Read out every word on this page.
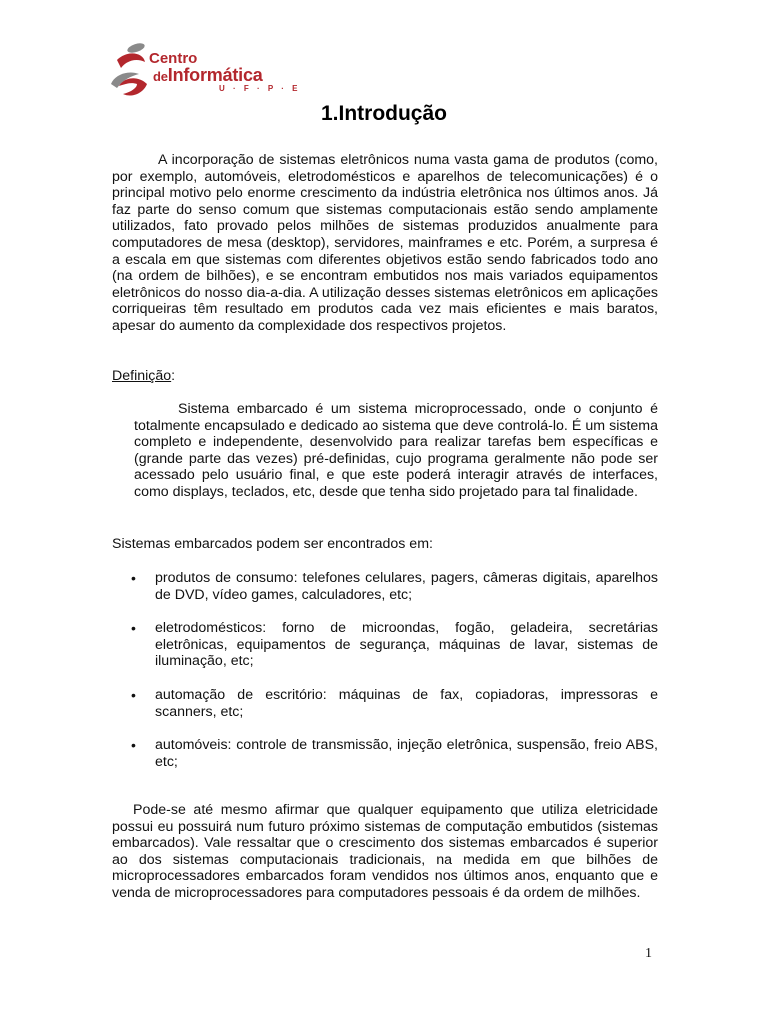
Centro
deInformática
U · F · P · E
1.Introdução

A incorporação de sistemas eletrônicos numa vasta gama de produtos (como, por exemplo, automóveis, eletrodomésticos e aparelhos de telecomunicações) é o principal motivo pelo enorme crescimento da indústria eletrônica nos últimos anos. Já faz parte do senso comum que sistemas computacionais estão sendo amplamente utilizados, fato provado pelos milhões de sistemas produzidos anualmente para computadores de mesa (desktop), servidores, mainframes e etc. Porém, a surpresa é a escala em que sistemas com diferentes objetivos estão sendo fabricados todo ano (na ordem de bilhões), e se encontram embutidos nos mais variados equipamentos eletrônicos do nosso dia-a-dia. A utilização desses sistemas eletrônicos em aplicações corriqueiras têm resultado em produtos cada vez mais eficientes e mais baratos, apesar do aumento da complexidade dos respectivos projetos.

Definição:

Sistema embarcado é um sistema microprocessado, onde o conjunto é totalmente encapsulado e dedicado ao sistema que deve controlá-lo. É um sistema completo e independente, desenvolvido para realizar tarefas bem específicas e (grande parte das vezes) pré-definidas, cujo programa geralmente não pode ser acessado pelo usuário final, e que este poderá interagir através de interfaces, como displays, teclados, etc, desde que tenha sido projetado para tal finalidade.

Sistemas embarcados podem ser encontrados em:

• produtos de consumo: telefones celulares, pagers, câmeras digitais, aparelhos de DVD, vídeo games, calculadores, etc;
• eletrodomésticos: forno de microondas, fogão, geladeira, secretárias eletrônicas, equipamentos de segurança, máquinas de lavar, sistemas de iluminação, etc;
• automação de escritório: máquinas de fax, copiadoras, impressoras e scanners, etc;
• automóveis: controle de transmissão, injeção eletrônica, suspensão, freio ABS, etc;

Pode-se até mesmo afirmar que qualquer equipamento que utiliza eletricidade possui eu possuirá num futuro próximo sistemas de computação embutidos (sistemas embarcados). Vale ressaltar que o crescimento dos sistemas embarcados é superior ao dos sistemas computacionais tradicionais, na medida em que bilhões de microprocessadores embarcados foram vendidos nos últimos anos, enquanto que e venda de microprocessadores para computadores pessoais é da ordem de milhões.

1
